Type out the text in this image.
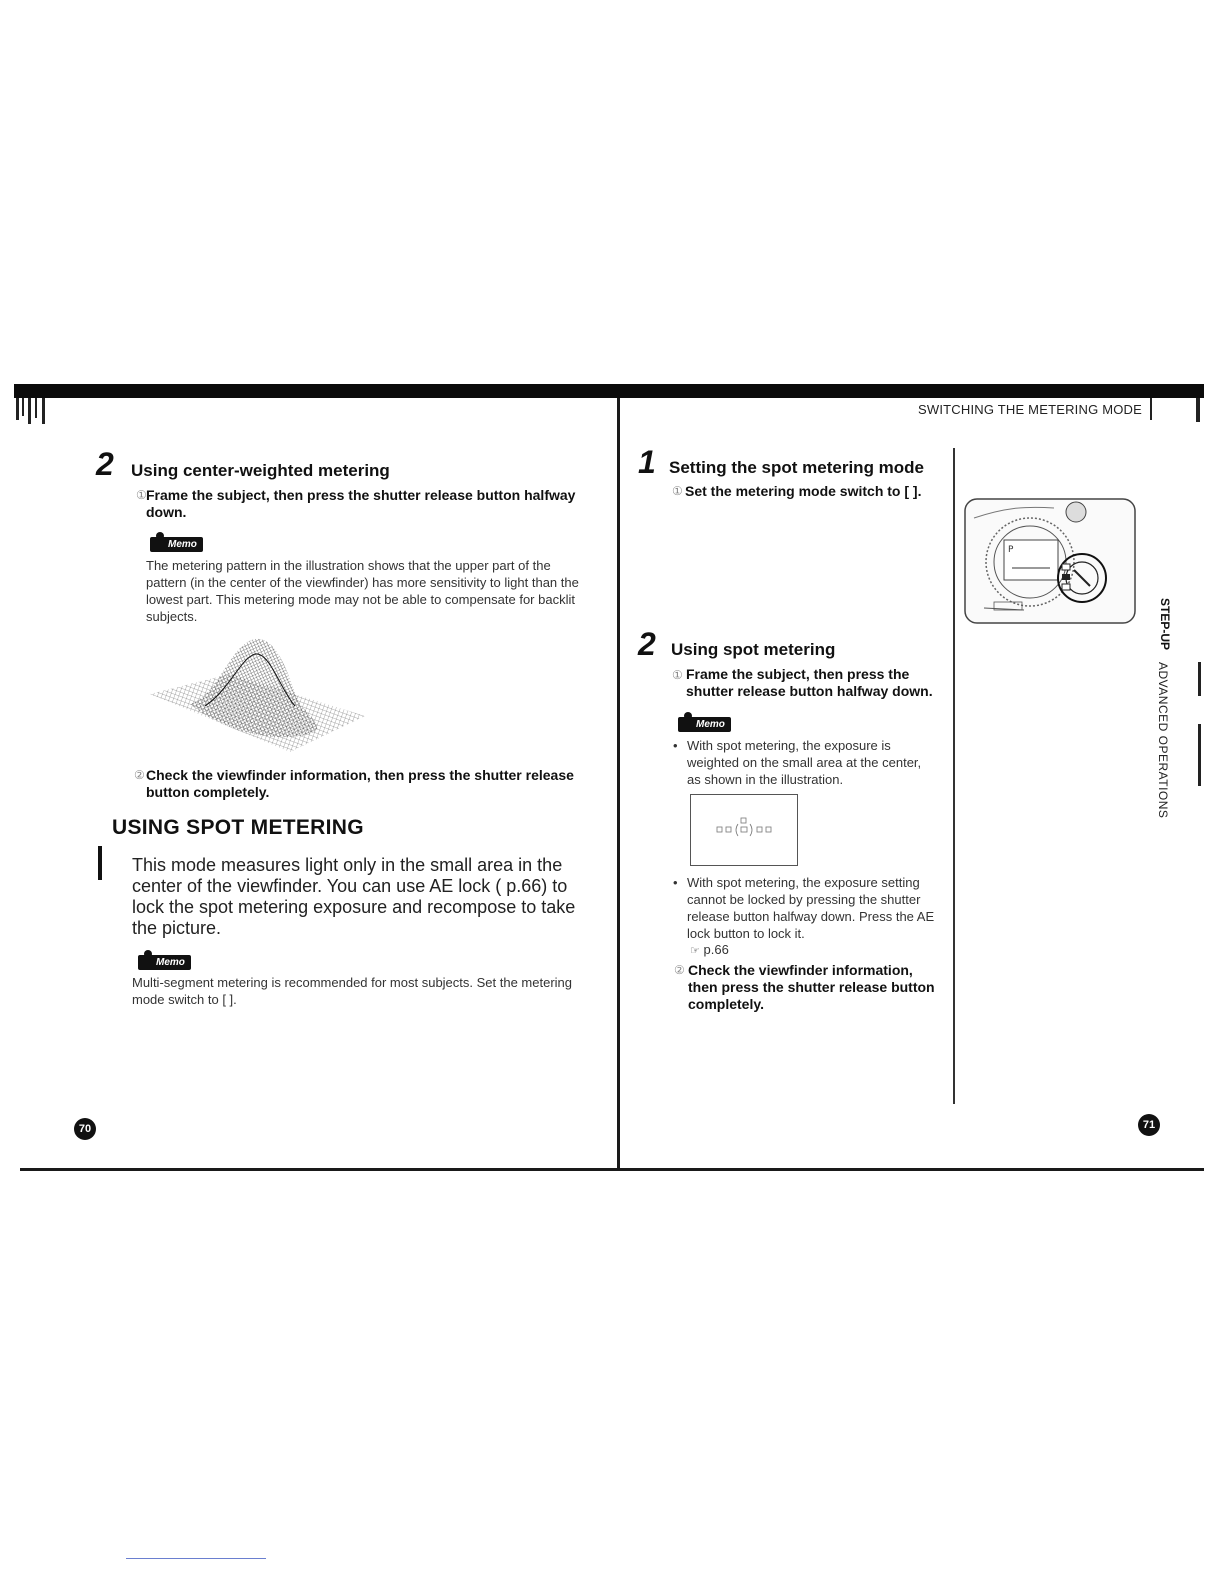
SWITCHING THE METERING MODE
2 Using center-weighted metering
① Frame the subject, then press the shutter release button halfway down.
Memo
The metering pattern in the illustration shows that the upper part of the pattern (in the center of the viewfinder) has more sensitivity to light than the lowest part. This metering mode may not be able to compensate for backlit subjects.
② Check the viewfinder information, then press the shutter release button completely.
USING SPOT METERING
This mode measures light only in the small area in the center of the viewfinder. You can use AE lock ( p.66) to lock the spot metering exposure and recompose to take the picture.
Memo
Multi-segment metering is recommended for most subjects. Set the metering mode switch to [ ].
70
1 Setting the spot metering mode
① Set the metering mode switch to [ ].
P
2 Using spot metering
① Frame the subject, then press the shutter release button halfway down.
Memo
• With spot metering, the exposure is weighted on the small area at the center, as shown in the illustration.
• With spot metering, the exposure setting cannot be locked by pressing the shutter release button halfway down. Press the AE lock button to lock it.
☞ p.66
② Check the viewfinder information, then press the shutter release button completely.
STEP-UP
ADVANCED OPERATIONS
71
